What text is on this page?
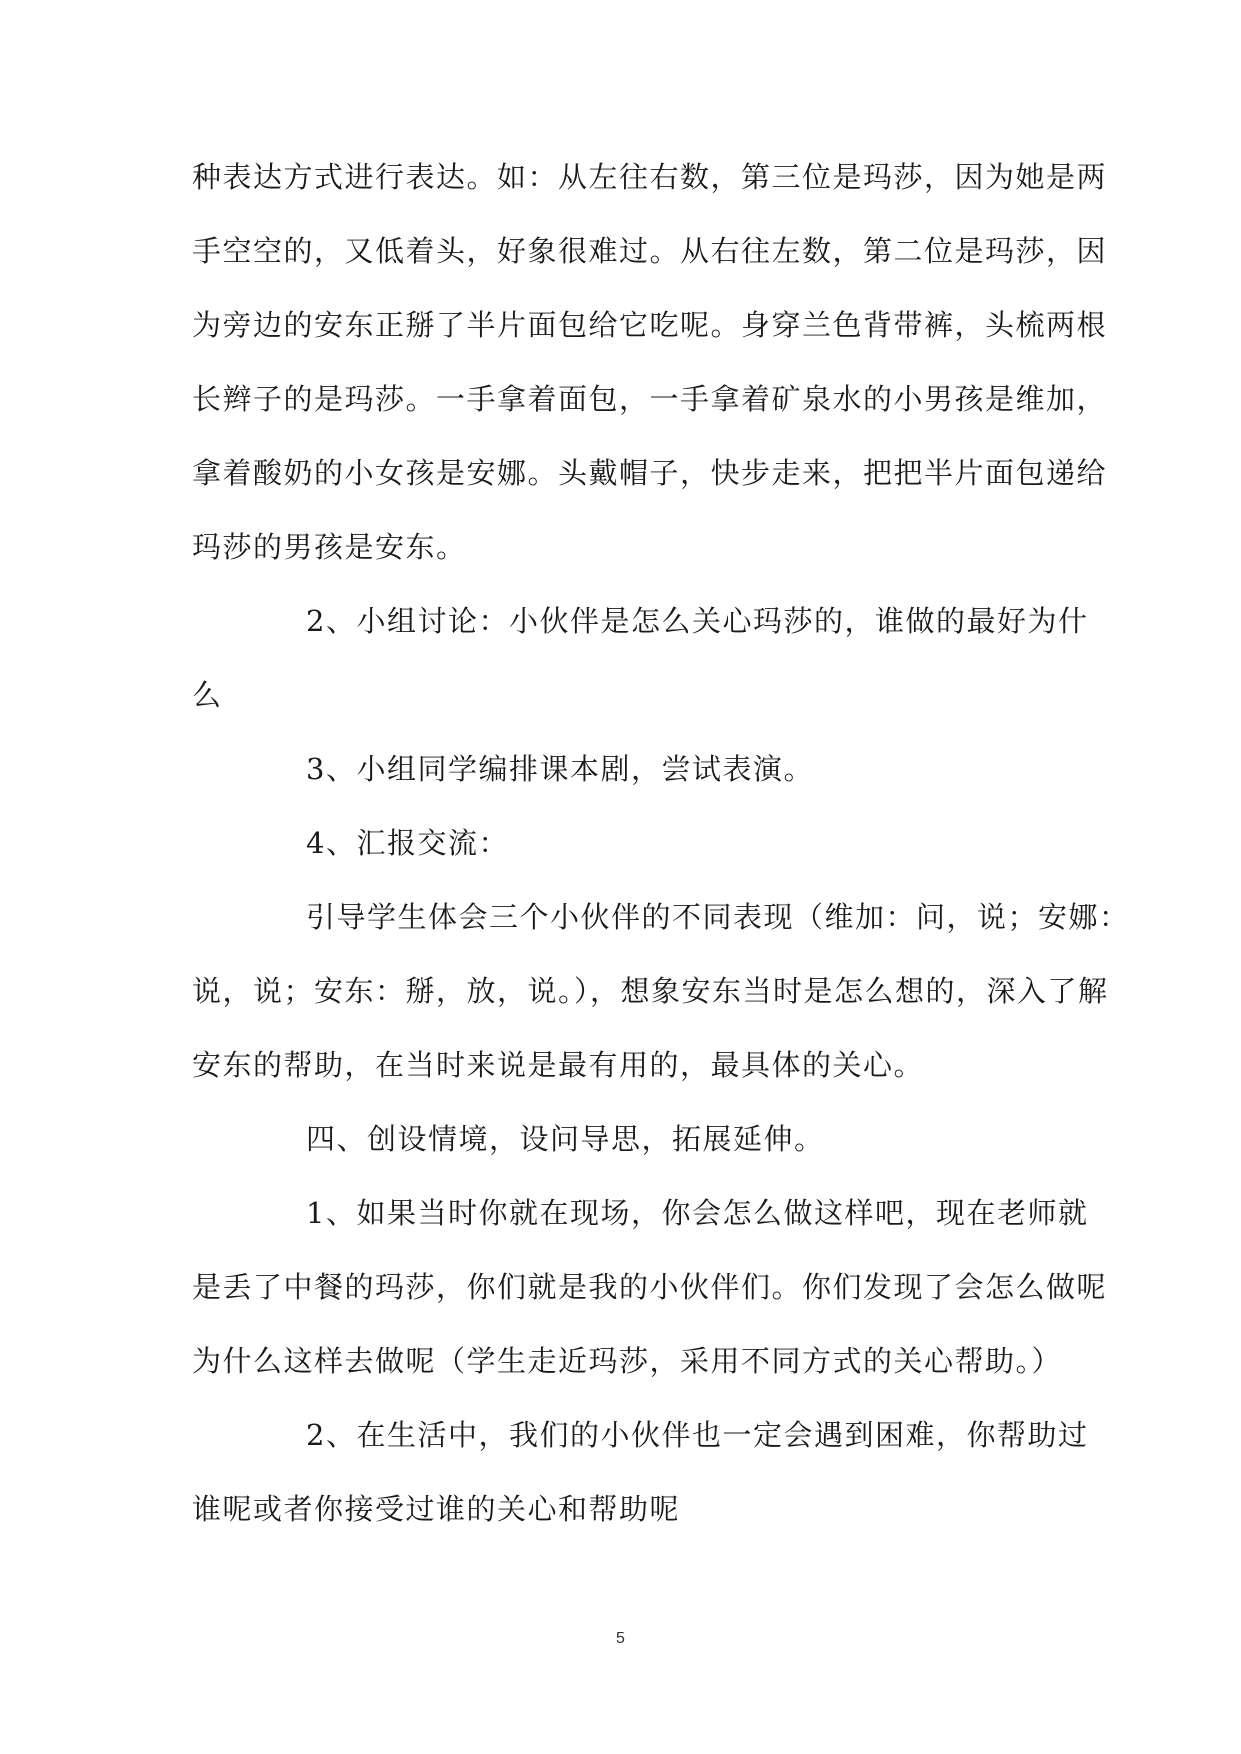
种表达方式进行表达。如：从左往右数，第三位是玛莎，因为她是两
手空空的，又低着头，好象很难过。从右往左数，第二位是玛莎，因
为旁边的安东正掰了半片面包给它吃呢。身穿兰色背带裤，头梳两根
长辫子的是玛莎。一手拿着面包，一手拿着矿泉水的小男孩是维加，
拿着酸奶的小女孩是安娜。头戴帽子，快步走来，把把半片面包递给
玛莎的男孩是安东。
2、小组讨论：小伙伴是怎么关心玛莎的，谁做的最好为什
么
3、小组同学编排课本剧，尝试表演。
4、汇报交流：
引导学生体会三个小伙伴的不同表现（维加：问，说；安娜：
说，说；安东：掰，放，说。），想象安东当时是怎么想的，深入了解
安东的帮助，在当时来说是最有用的，最具体的关心。
四、创设情境，设问导思，拓展延伸。
1、如果当时你就在现场，你会怎么做这样吧，现在老师就
是丢了中餐的玛莎，你们就是我的小伙伴们。你们发现了会怎么做呢
为什么这样去做呢（学生走近玛莎，采用不同方式的关心帮助。）
2、在生活中，我们的小伙伴也一定会遇到困难，你帮助过
谁呢或者你接受过谁的关心和帮助呢
5
